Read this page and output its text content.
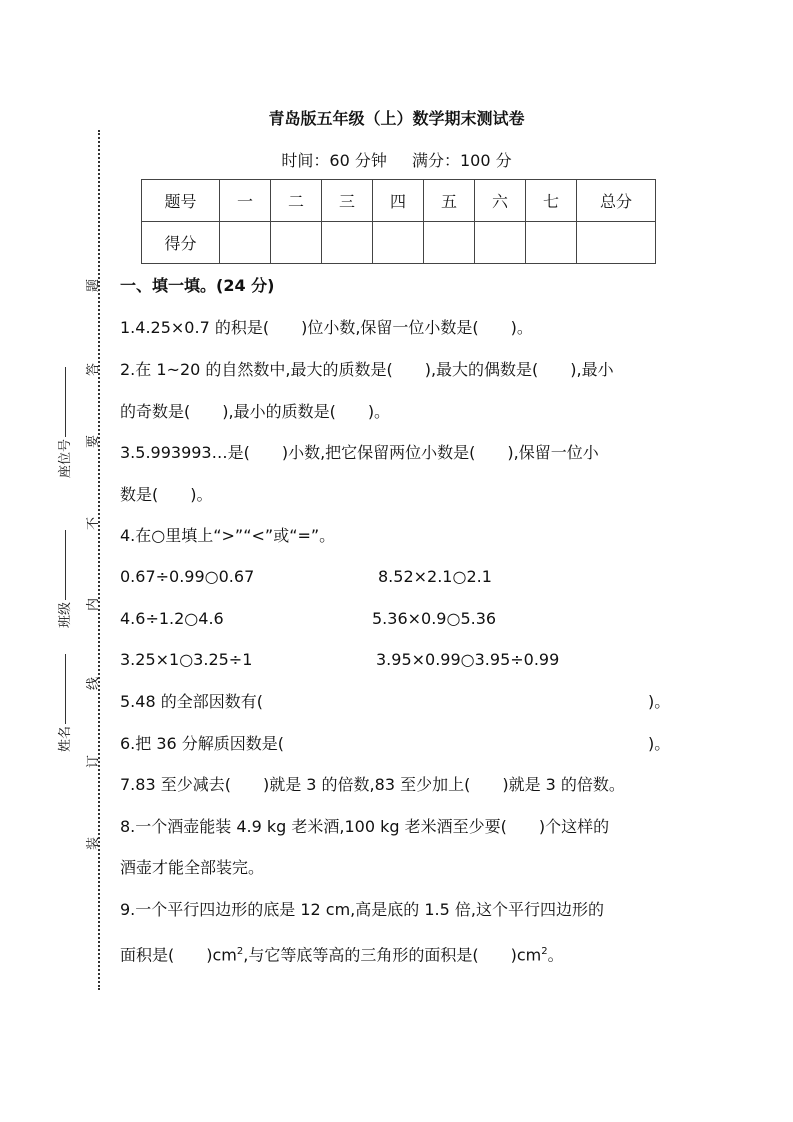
题
答
要
不
内
线
订
装
座位号
班级
姓名
青岛版五年级（上）数学期末测试卷
时间：60 分钟 满分：100 分
题号	一	二	三	四	五	六	七	总分
得分								
一、填一填。(24 分)
1.4.25×0.7 的积是(　　)位小数,保留一位小数是(　　)。
2.在 1~20 的自然数中,最大的质数是(　　),最大的偶数是(　　),最小
的奇数是(　　),最小的质数是(　　)。
3.5.993993…是(　　)小数,把它保留两位小数是(　　),保留一位小
数是(　　)。
4.在○里填上“>”“<”或“=”。
0.67÷0.99○0.67	8.52×2.1○2.1
4.6÷1.2○4.6	5.36×0.9○5.36
3.25×1○3.25÷1	3.95×0.99○3.95÷0.99
5.48 的全部因数有(	)。
6.把 36 分解质因数是(	)。
7.83 至少减去(　　)就是 3 的倍数,83 至少加上(　　)就是 3 的倍数。
8.一个酒壶能装 4.9 kg 老米酒,100 kg 老米酒至少要(　　)个这样的
酒壶才能全部装完。
9.一个平行四边形的底是 12 cm,高是底的 1.5 倍,这个平行四边形的
面积是(　　)$cm^2$,与它等底等高的三角形的面积是(　　)$cm^2$。
